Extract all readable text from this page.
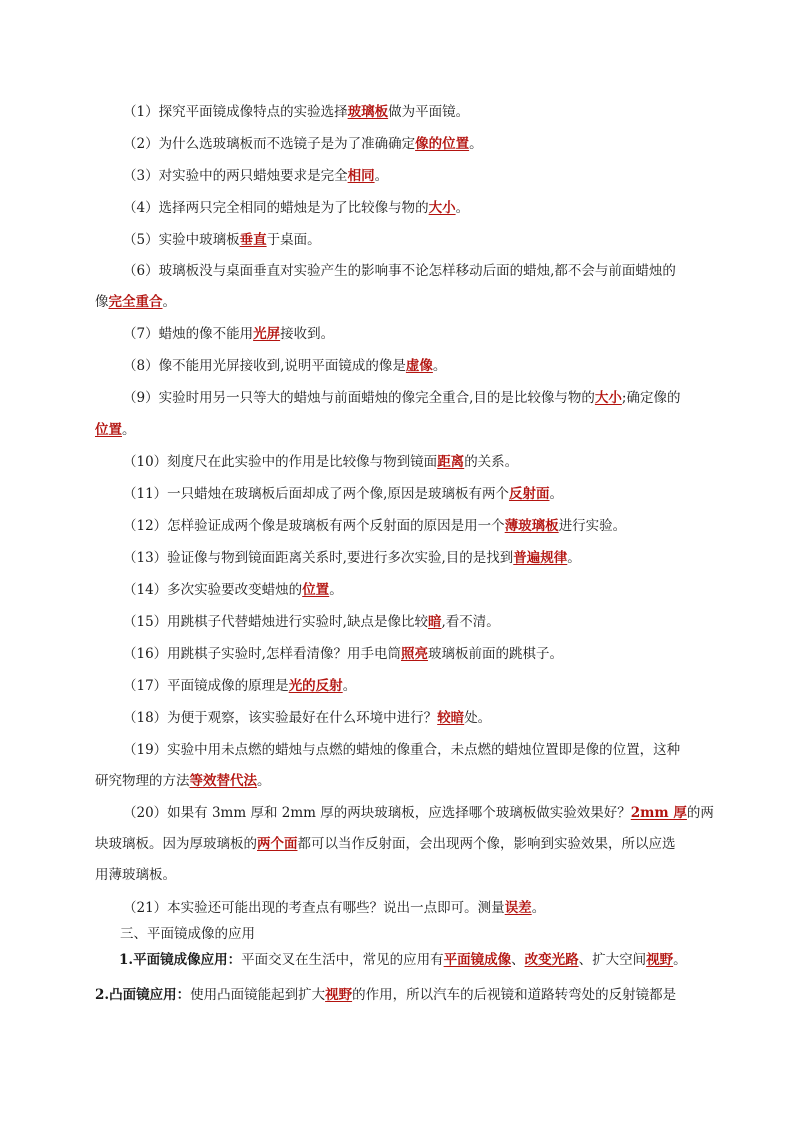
（1）探究平面镜成像特点的实验选择玻璃板做为平面镜。
（2）为什么选玻璃板而不选镜子是为了准确确定像的位置。
（3）对实验中的两只蜡烛要求是完全相同。
（4）选择两只完全相同的蜡烛是为了比较像与物的大小。
（5）实验中玻璃板垂直于桌面。
（6）玻璃板没与桌面垂直对实验产生的影响事不论怎样移动后面的蜡烛,都不会与前面蜡烛的
像完全重合。
（7）蜡烛的像不能用光屏接收到。
（8）像不能用光屏接收到,说明平面镜成的像是虚像。
（9）实验时用另一只等大的蜡烛与前面蜡烛的像完全重合,目的是比较像与物的大小;确定像的
位置。
（10）刻度尺在此实验中的作用是比较像与物到镜面距离的关系。
（11）一只蜡烛在玻璃板后面却成了两个像,原因是玻璃板有两个反射面。
（12）怎样验证成两个像是玻璃板有两个反射面的原因是用一个薄玻璃板进行实验。
（13）验证像与物到镜面距离关系时,要进行多次实验,目的是找到普遍规律。
（14）多次实验要改变蜡烛的位置。
（15）用跳棋子代替蜡烛进行实验时,缺点是像比较暗,看不清。
（16）用跳棋子实验时,怎样看清像？用手电筒照亮玻璃板前面的跳棋子。
（17）平面镜成像的原理是光的反射。
（18）为便于观察，该实验最好在什么环境中进行？较暗处。
（19）实验中用未点燃的蜡烛与点燃的蜡烛的像重合，未点燃的蜡烛位置即是像的位置，这种
研究物理的方法等效替代法。
（20）如果有 3mm 厚和 2mm 厚的两块玻璃板，应选择哪个玻璃板做实验效果好？2mm 厚的两
块玻璃板。因为厚玻璃板的两个面都可以当作反射面，会出现两个像，影响到实验效果，所以应选
用薄玻璃板。
（21）本实验还可能出现的考查点有哪些？说出一点即可。测量误差。
三、平面镜成像的应用
1.平面镜成像应用：平面交叉在生活中，常见的应用有平面镜成像、改变光路、扩大空间视野。
2.凸面镜应用：使用凸面镜能起到扩大视野的作用，所以汽车的后视镜和道路转弯处的反射镜都是
